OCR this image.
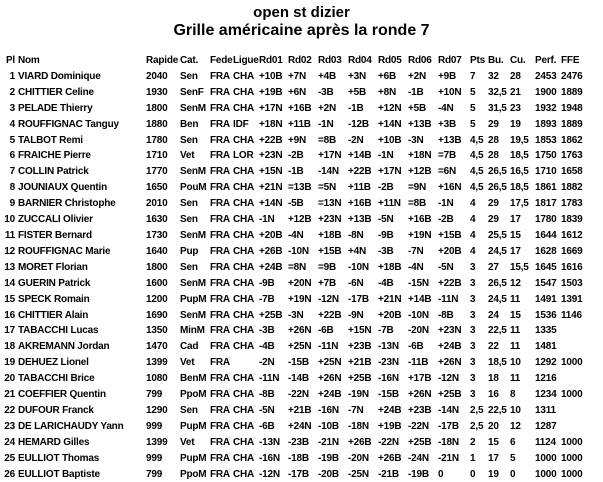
open st dizier
Grille américaine après la ronde 7
Pl	Nom	Rapide	Cat.	Fede	Ligue	Rd01	Rd02	Rd03	Rd04	Rd05	Rd06	Rd07	Pts	Bu.	Cu.	Perf.	FFE
1	VIARD Dominique	2040	Sen	FRA	CHA	+10B	+7N	+4B	+3N	+6B	+2N	+9B	7	32	28	2453	2476
2	CHITTIER Celine	1930	SenF	FRA	CHA	+19B	+6N	-3B	+5B	+8N	-1B	+10N	5	32,5	21	1900	1889
3	PELADE Thierry	1800	SenM	FRA	CHA	+17N	+16B	+2N	-1B	+12N	+5B	-4N	5	31,5	23	1932	1948
4	ROUFFIGNAC Tanguy	1880	Ben	FRA	IDF	+18N	+11B	-1N	-12B	+14N	+13B	+3B	5	29	19	1893	1889
5	TALBOT Remi	1780	Sen	FRA	CHA	+22B	+9N	=8B	-2N	+10B	-3N	+13B	4,5	28	19,5	1853	1862
6	FRAICHE Pierre	1710	Vet	FRA	LOR	+23N	-2B	+17N	+14B	-1N	+18N	=7B	4,5	28	18,5	1750	1763
7	COLLIN Patrick	1770	SenM	FRA	CHA	+15N	-1B	-14N	+22B	+17N	+12B	=6N	4,5	26,5	16,5	1710	1658
8	JOUNIAUX Quentin	1650	PouM	FRA	CHA	+21N	=13B	=5N	+11B	-2B	=9N	+16N	4,5	26,5	18,5	1861	1882
9	BARNIER Christophe	2010	Sen	FRA	CHA	+14N	-5B	=13N	+16B	+11N	=8B	-1N	4	29	17,5	1817	1783
10	ZUCCALI Olivier	1630	Sen	FRA	CHA	-1N	+12B	+23N	+13B	-5N	+16B	-2B	4	29	17	1780	1839
11	FISTER Bernard	1730	SenM	FRA	CHA	+20B	-4N	+18B	-8N	-9B	+19N	+15B	4	25,5	15	1644	1612
12	ROUFFIGNAC Marie	1640	Pup	FRA	CHA	+26B	-10N	+15B	+4N	-3B	-7N	+20B	4	24,5	17	1628	1669
13	MORET Florian	1800	Sen	FRA	CHA	+24B	=8N	=9B	-10N	+18B	-4N	-5N	3	27	15,5	1645	1616
14	GUERIN Patrick	1600	SenM	FRA	CHA	-9B	+20N	+7B	-6N	-4B	-15N	+22B	3	26,5	12	1547	1503
15	SPECK Romain	1200	PupM	FRA	CHA	-7B	+19N	-12N	-17B	+21N	+14B	-11N	3	24,5	11	1491	1391
16	CHITTIER Alain	1690	SenM	FRA	CHA	+25B	-3N	+22B	-9N	+20B	-10N	-8B	3	24	15	1536	1146
17	TABACCHI Lucas	1350	MinM	FRA	CHA	-3B	+26N	-6B	+15N	-7B	-20N	+23N	3	22,5	11	1335	
18	AKREMANN Jordan	1470	Cad	FRA	CHA	-4B	+25N	-11N	+23B	-13N	-6B	+24B	3	22	11	1481	
19	DEHUEZ Lionel	1399	Vet	FRA		-2N	-15B	+25N	+21B	-23N	-11B	+26N	3	18,5	10	1292	1000
20	TABACCHI Brice	1080	BenM	FRA	CHA	-11N	-14B	+26N	+25B	-16N	+17B	-12N	3	18	11	1216	
21	COEFFIER Quentin	799	PpoM	FRA	CHA	-8B	-22N	+24B	-19N	-15B	+26N	+25B	3	16	8	1234	1000
22	DUFOUR Franck	1290	Sen	FRA	CHA	-5N	+21B	-16N	-7N	+24B	+23B	-14N	2,5	22,5	10	1311	
23	DE LARICHAUDY Yann	999	PupM	FRA	CHA	-6B	+24N	-10B	-18N	+19B	-22N	-17B	2,5	20	12	1287	
24	HEMARD Gilles	1399	Vet	FRA	CHA	-13N	-23B	-21N	+26B	-22N	+25B	-18N	2	15	6	1124	1000
25	EULLIOT Thomas	999	PupM	FRA	CHA	-16N	-18B	-19B	-20N	+26B	-24N	-21N	1	17	5	1000	1000
26	EULLIOT Baptiste	799	PpoM	FRA	CHA	-12N	-17B	-20B	-25N	-21B	-19B	0	0	19	0	1000	1000
